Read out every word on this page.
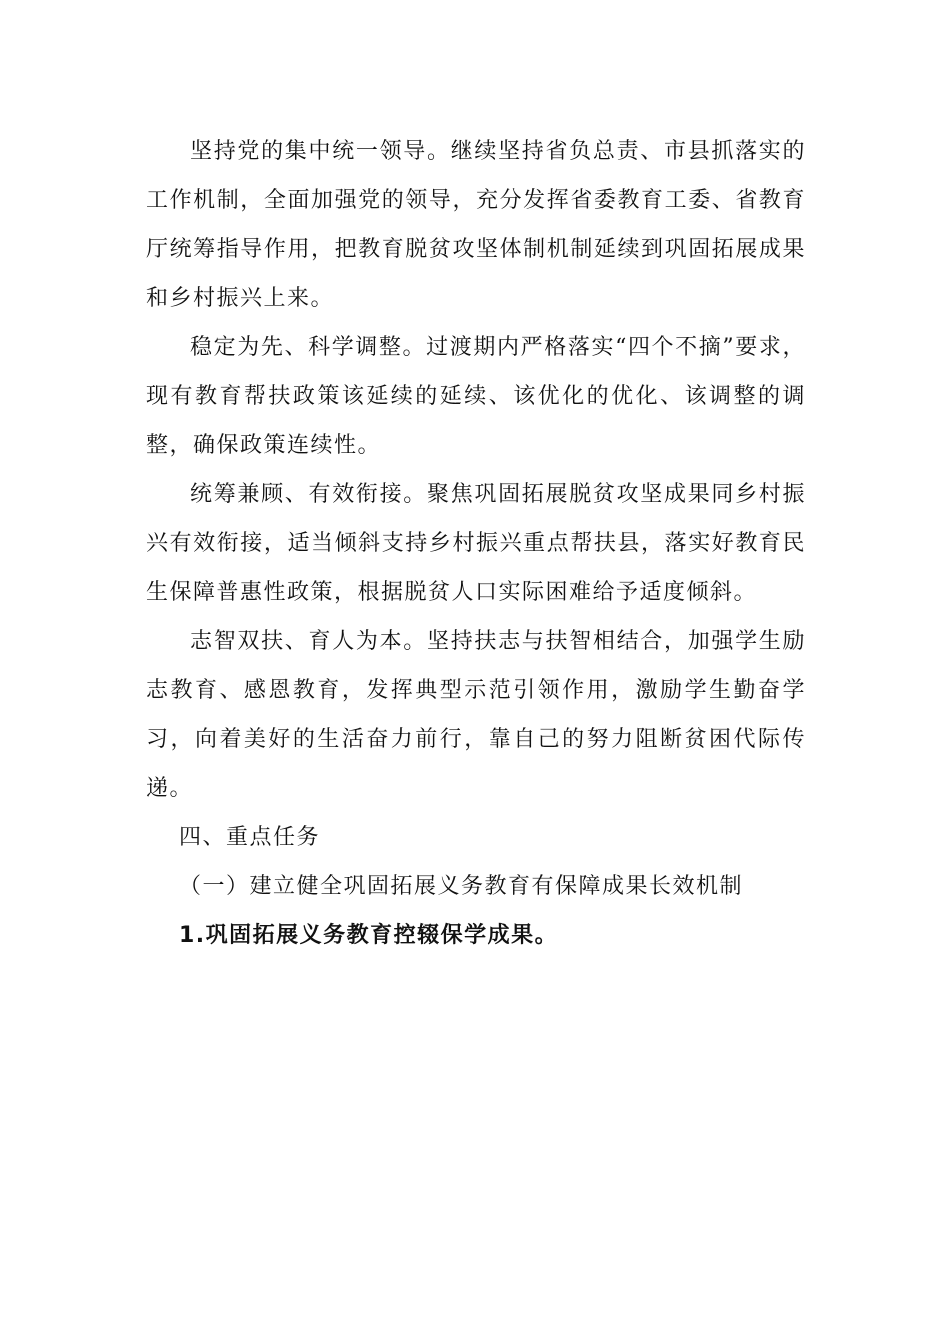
坚持党的集中统一领导。继续坚持省负总责、市县抓落实的工作机制，全面加强党的领导，充分发挥省委教育工委、省教育厅统筹指导作用，把教育脱贫攻坚体制机制延续到巩固拓展成果和乡村振兴上来。

稳定为先、科学调整。过渡期内严格落实“四个不摘”要求，现有教育帮扶政策该延续的延续、该优化的优化、该调整的调整，确保政策连续性。

统筹兼顾、有效衔接。聚焦巩固拓展脱贫攻坚成果同乡村振兴有效衔接，适当倾斜支持乡村振兴重点帮扶县，落实好教育民生保障普惠性政策，根据脱贫人口实际困难给予适度倾斜。

志智双扶、育人为本。坚持扶志与扶智相结合，加强学生励志教育、感恩教育，发挥典型示范引领作用，激励学生勤奋学习，向着美好的生活奋力前行，靠自己的努力阻断贫困代际传递。

四、重点任务

（一）建立健全巩固拓展义务教育有保障成果长效机制

1.巩固拓展义务教育控辍保学成果。
